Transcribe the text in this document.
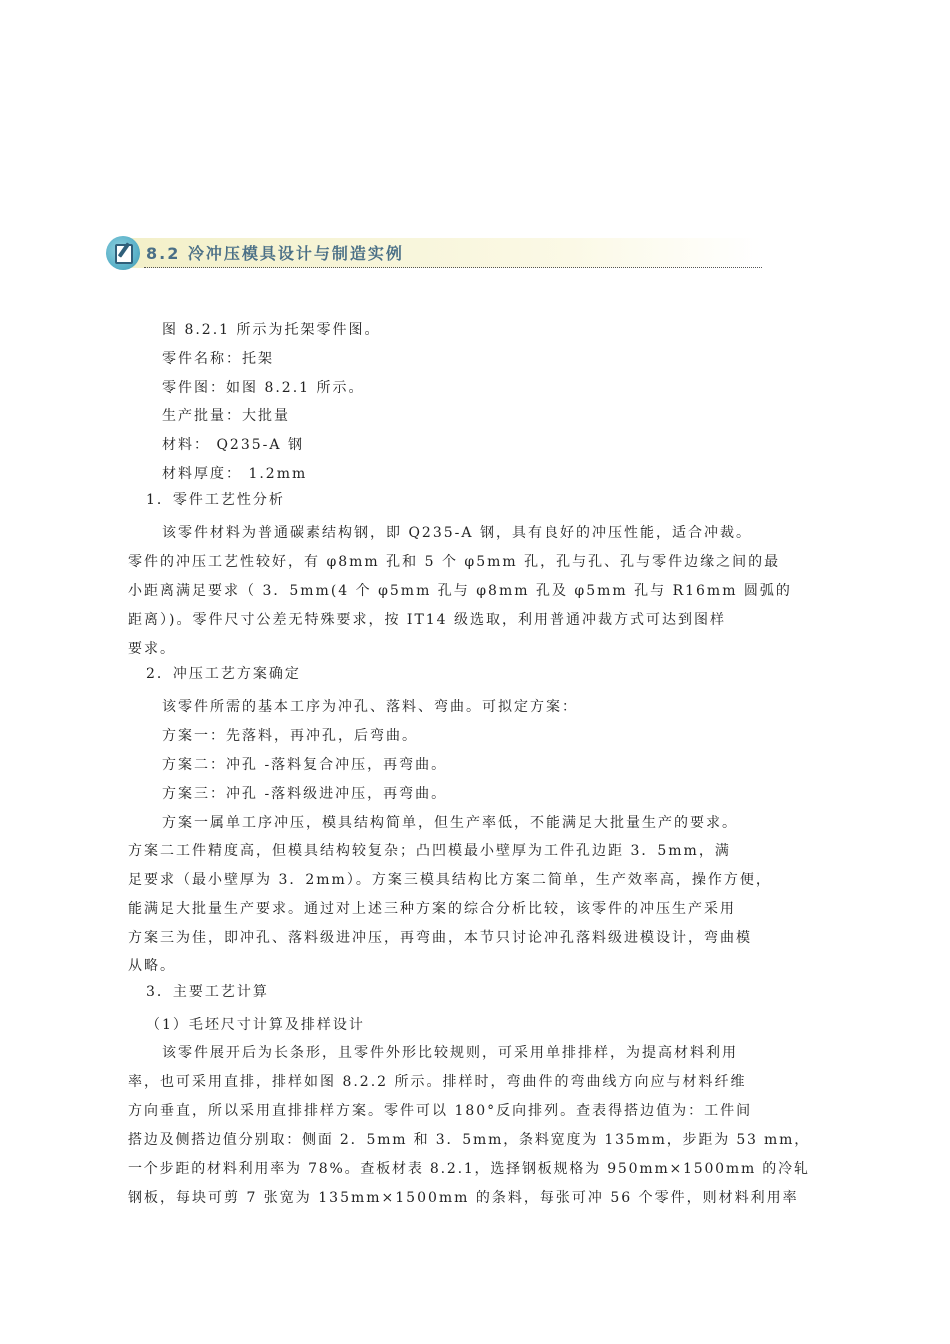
8.2 冷冲压模具设计与制造实例
图 8.2.1 所示为托架零件图。
零件名称：托架
零件图：如图 8.2.1 所示。
生产批量：大批量
材料： Q235-A 钢
材料厚度： 1.2mm
1．零件工艺性分析
该零件材料为普通碳素结构钢，即 Q235-A 钢，具有良好的冲压性能，适合冲裁。
零件的冲压工艺性较好，有 φ8mm 孔和 5 个 φ5mm 孔，孔与孔、孔与零件边缘之间的最
小距离满足要求（ 3．5mm(4 个 φ5mm 孔与 φ8mm 孔及 φ5mm 孔与 R16mm 圆弧的
距离）)。零件尺寸公差无特殊要求，按 IT14 级选取，利用普通冲裁方式可达到图样
要求。
2．冲压工艺方案确定
该零件所需的基本工序为冲孔、落料、弯曲。可拟定方案：
方案一：先落料，再冲孔，后弯曲。
方案二：冲孔 -落料复合冲压，再弯曲。
方案三：冲孔 -落料级进冲压，再弯曲。
方案一属单工序冲压，模具结构简单，但生产率低，不能满足大批量生产的要求。
方案二工件精度高，但模具结构较复杂；凸凹模最小壁厚为工件孔边距 3．5mm，满
足要求（最小壁厚为 3．2mm）。方案三模具结构比方案二简单，生产效率高，操作方便，
能满足大批量生产要求。通过对上述三种方案的综合分析比较，该零件的冲压生产采用
方案三为佳，即冲孔、落料级进冲压，再弯曲，本节只讨论冲孔落料级进模设计，弯曲模
从略。
3．主要工艺计算
（1）毛坯尺寸计算及排样设计
该零件展开后为长条形，且零件外形比较规则，可采用单排排样，为提高材料利用
率，也可采用直排，排样如图 8.2.2 所示。排样时，弯曲件的弯曲线方向应与材料纤维
方向垂直，所以采用直排排样方案。零件可以 180°反向排列。查表得搭边值为：工件间
搭边及侧搭边值分别取：侧面 2．5mm 和 3．5mm，条料宽度为 135mm，步距为 53 mm，
一个步距的材料利用率为 78%。查板材表 8.2.1，选择钢板规格为 950mm×1500mm 的冷轧
钢板，每块可剪 7 张宽为 135mm×1500mm 的条料，每张可冲 56 个零件，则材料利用率
